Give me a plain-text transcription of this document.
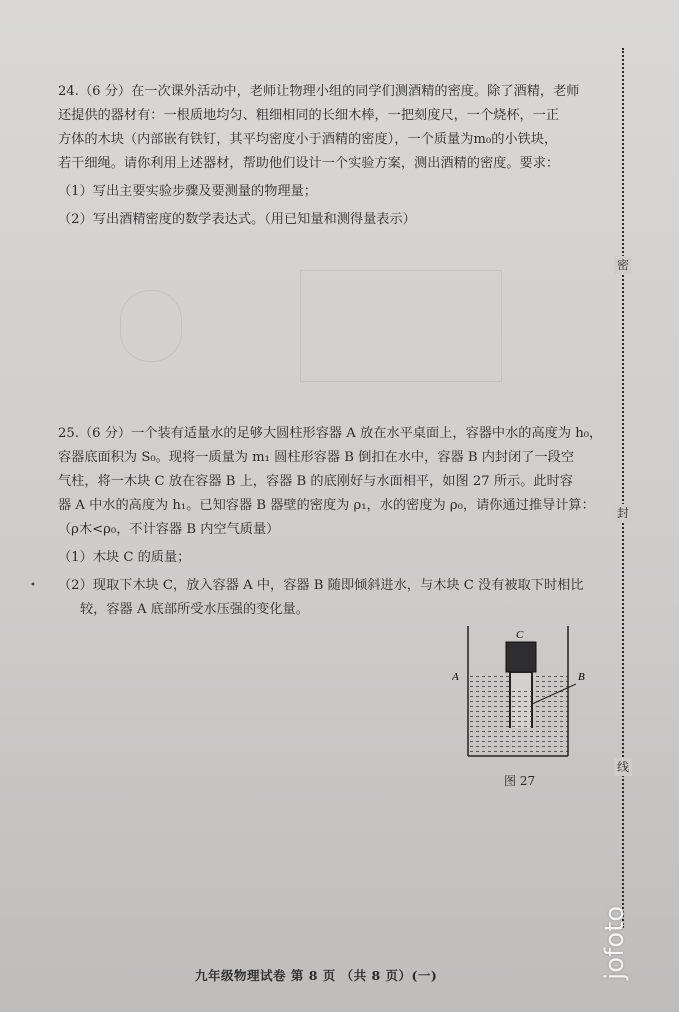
24.（6 分）在一次课外活动中，老师让物理小组的同学们测酒精的密度。除了酒精，老师
还提供的器材有：一根质地均匀、粗细相同的长细木棒，一把刻度尺，一个烧杯，一正
方体的木块（内部嵌有铁钉，其平均密度小于酒精的密度），一个质量为m₀的小铁块，
若干细绳。请你利用上述器材，帮助他们设计一个实验方案，测出酒精的密度。要求：
（1）写出主要实验步骤及要测量的物理量；
（2）写出酒精密度的数学表达式。（用已知量和测得量表示）
25.（6 分）一个装有适量水的足够大圆柱形容器 A 放在水平桌面上，容器中水的高度为 h₀，
容器底面积为 S₀。现将一质量为 m₁ 圆柱形容器 B 倒扣在水中，容器 B 内封闭了一段空
气柱，将一木块 C 放在容器 B 上，容器 B 的底刚好与水面相平，如图 27 所示。此时容
器 A 中水的高度为 h₁。已知容器 B 器壁的密度为 ρ₁，水的密度为 ρ₀，请你通过推导计算：
（ρ木<ρ₀，不计容器 B 内空气质量）
（1）木块 C 的质量；
（2）现取下木块 C，放入容器 A 中，容器 B 随即倾斜进水，与木块 C 没有被取下时相比
较，容器 A 底部所受水压强的变化量。
C
A	B
图 27
密
封
线
•
九年级物理试卷 第 8 页 （共 8 页）(一)	jofoto
